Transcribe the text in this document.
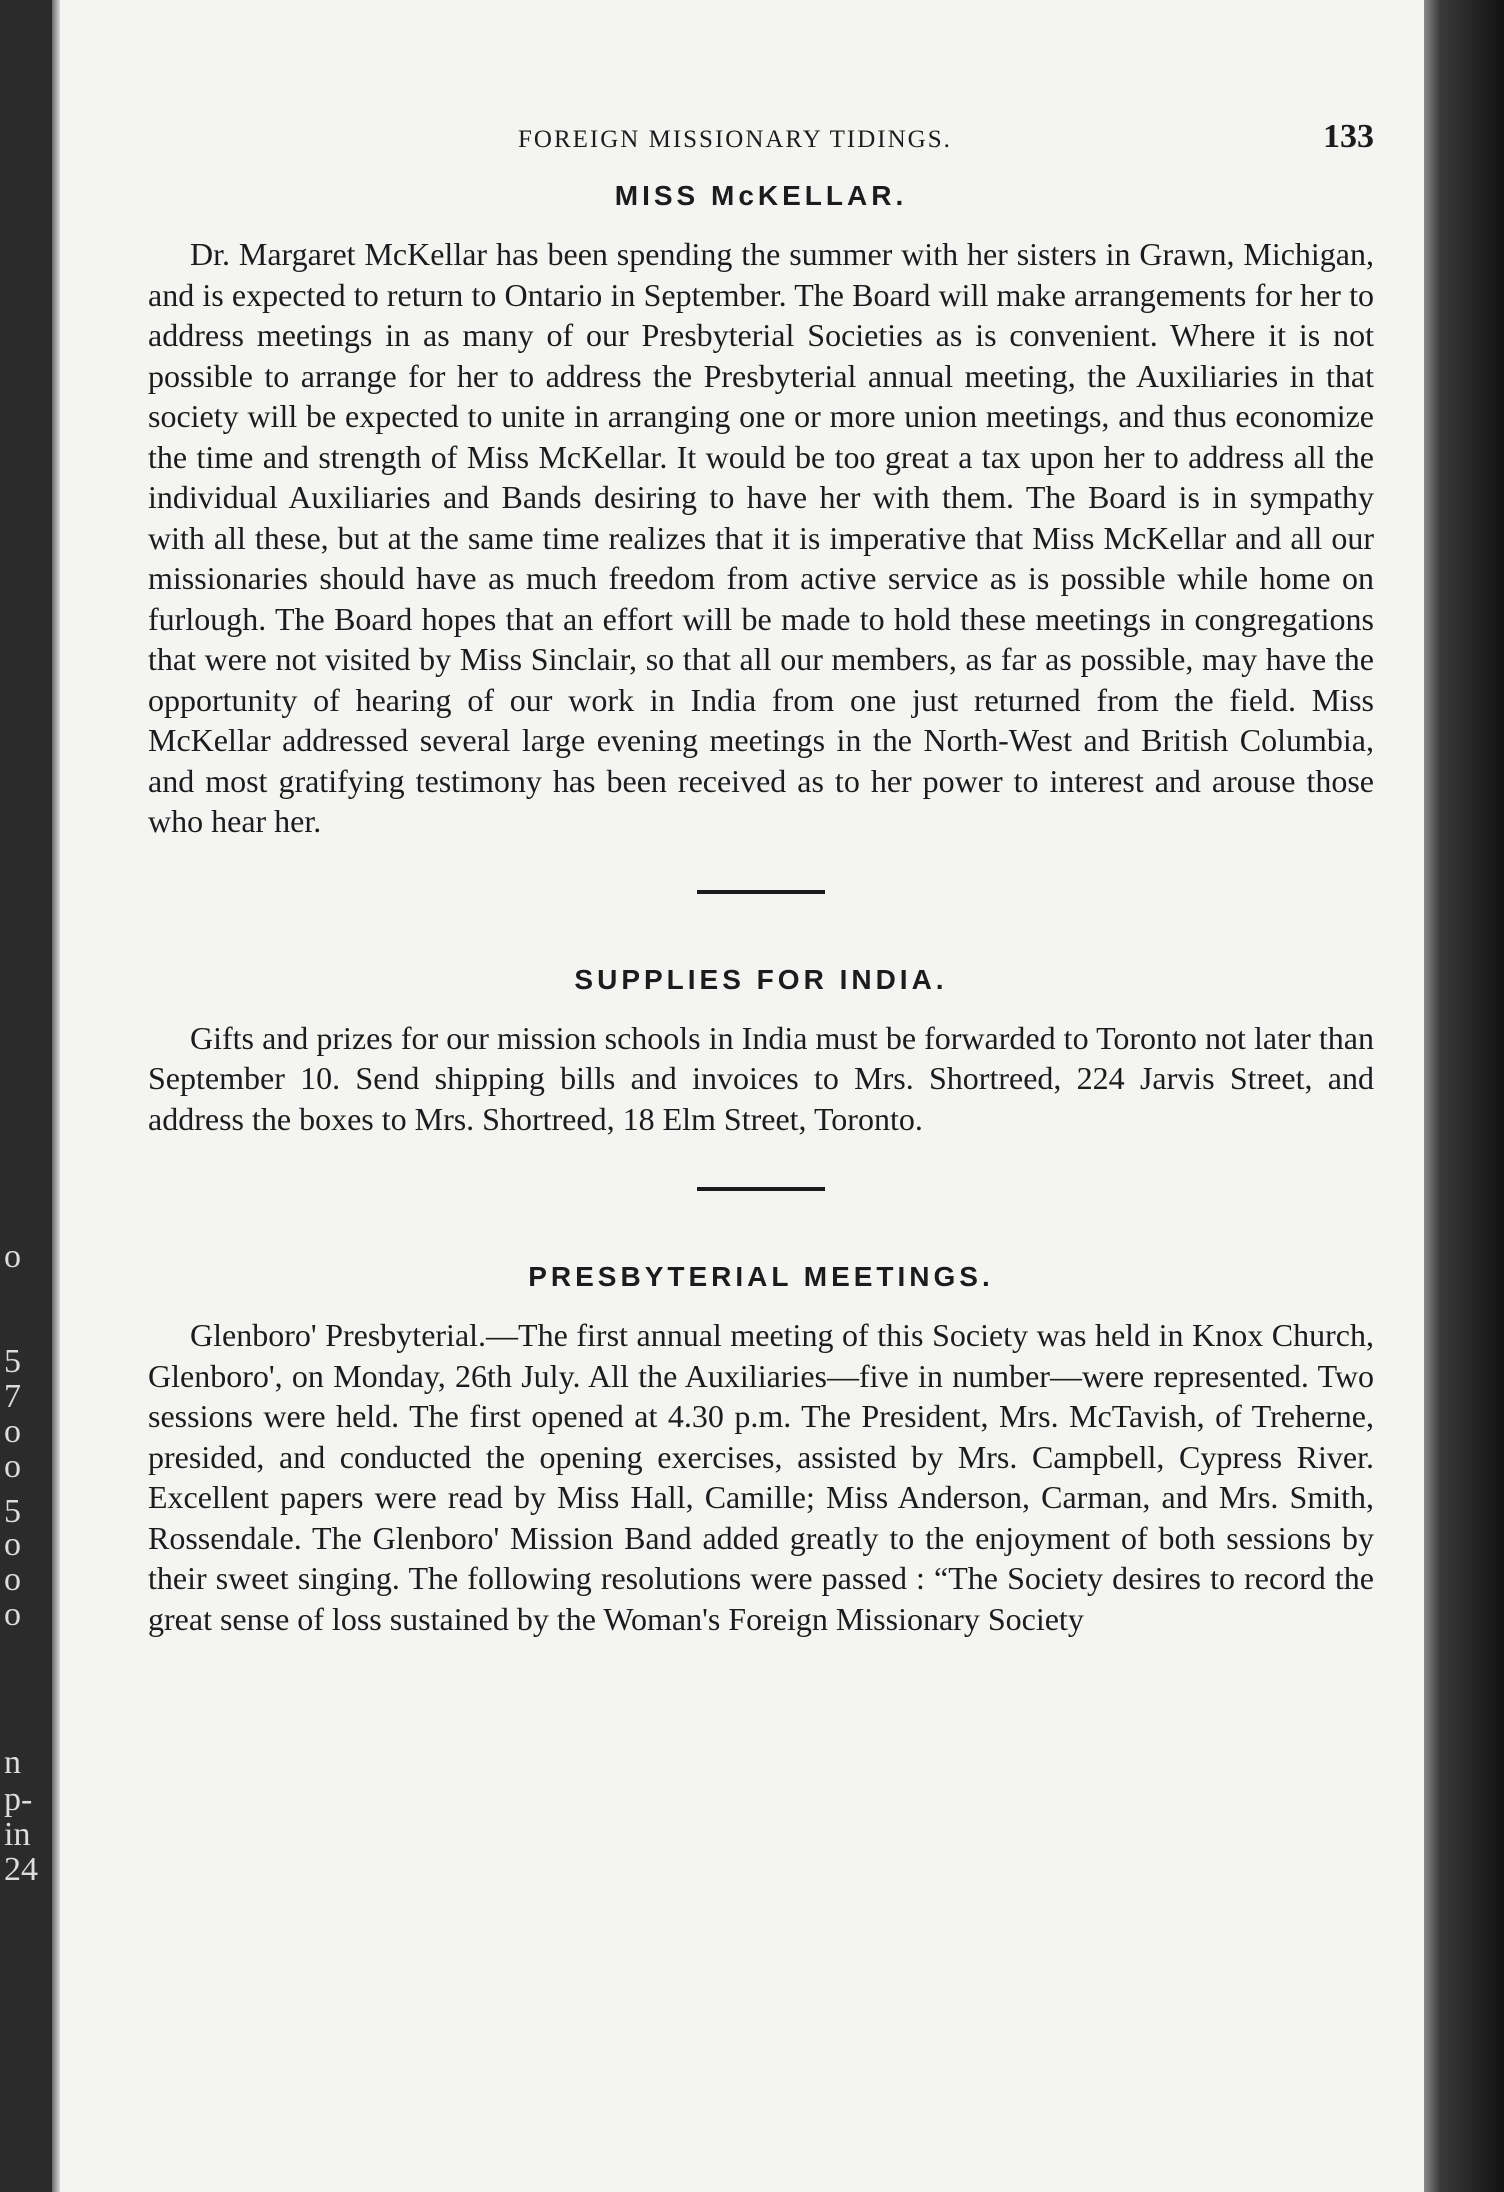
o
5
7
o
o
5
o
o
o
n
p-
in
24
FOREIGN MISSIONARY TIDINGS.	133
MISS McKELLAR.

Dr. Margaret McKellar has been spending the summer with her sisters in Grawn, Michigan, and is expected to return to Ontario in September. The Board will make arrangements for her to address meetings in as many of our Presbyterial Societies as is convenient. Where it is not possible to arrange for her to address the Presbyterial annual meeting, the Auxiliaries in that society will be expected to unite in arranging one or more union meetings, and thus economize the time and strength of Miss McKellar. It would be too great a tax upon her to address all the individual Auxiliaries and Bands desiring to have her with them. The Board is in sympathy with all these, but at the same time realizes that it is imperative that Miss McKellar and all our missionaries should have as much freedom from active service as is possible while home on furlough. The Board hopes that an effort will be made to hold these meetings in congregations that were not visited by Miss Sinclair, so that all our members, as far as possible, may have the opportunity of hearing of our work in India from one just returned from the field. Miss McKellar addressed several large evening meetings in the North-West and British Columbia, and most gratifying testimony has been received as to her power to interest and arouse those who hear her.

SUPPLIES FOR INDIA.

Gifts and prizes for our mission schools in India must be forwarded to Toronto not later than September 10. Send shipping bills and invoices to Mrs. Shortreed, 224 Jarvis Street, and address the boxes to Mrs. Shortreed, 18 Elm Street, Toronto.

PRESBYTERIAL MEETINGS.

Glenboro' Presbyterial.—The first annual meeting of this Society was held in Knox Church, Glenboro', on Monday, 26th July. All the Auxiliaries—five in number—were represented. Two sessions were held. The first opened at 4.30 p.m. The President, Mrs. McTavish, of Treherne, presided, and conducted the opening exercises, assisted by Mrs. Campbell, Cypress River. Excellent papers were read by Miss Hall, Camille; Miss Anderson, Carman, and Mrs. Smith, Rossendale. The Glenboro' Mission Band added greatly to the enjoyment of both sessions by their sweet singing. The following resolutions were passed : “The Society desires to record the great sense of loss sustained by the Woman's Foreign Missionary Society
